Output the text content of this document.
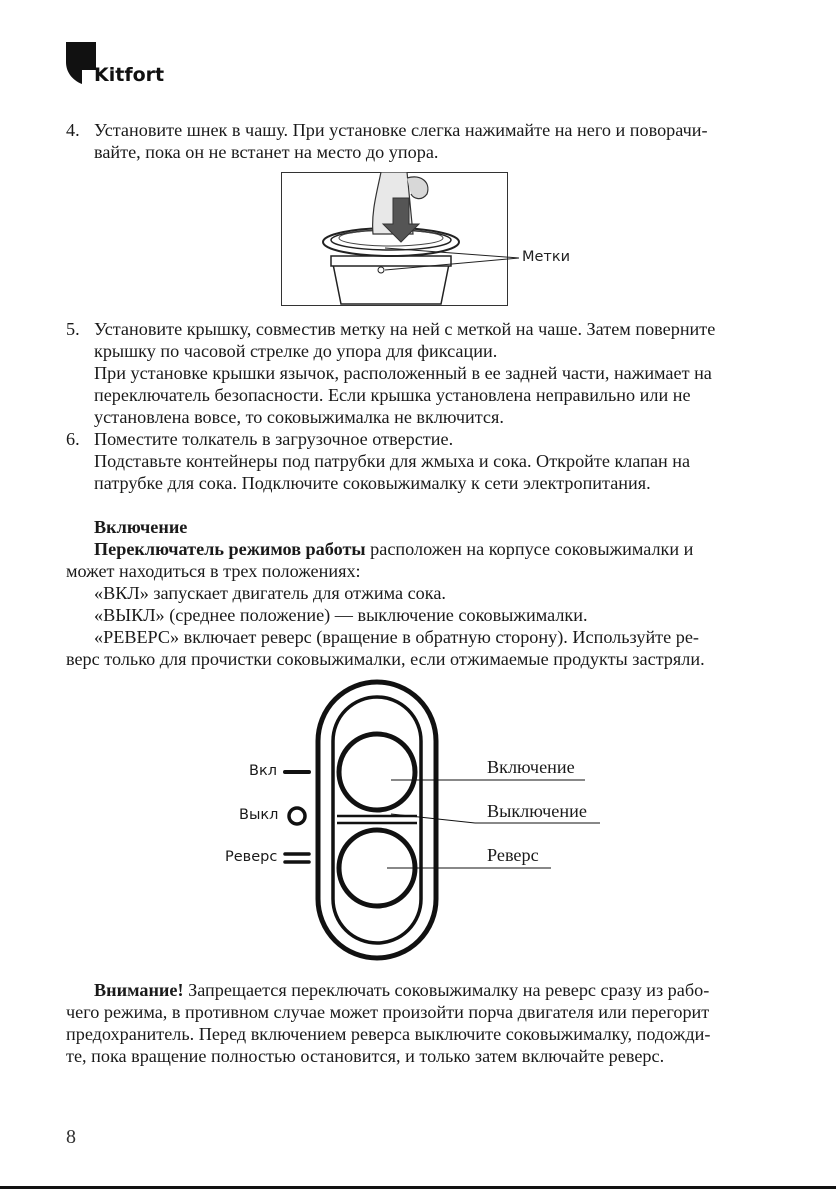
Kitfort
4. Установите шнек в чашу. При установке слегка нажимайте на него и поворачи-
вайте, пока он не встанет на место до упора.
Метки
5. Установите крышку, совместив метку на ней с меткой на чаше. Затем поверните
крышку по часовой стрелке до упора для фиксации.
При установке крышки язычок, расположенный в ее задней части, нажимает на
переключатель безопасности. Если крышка установлена неправильно или не
установлена вовсе, то соковыжималка не включится.
6. Поместите толкатель в загрузочное отверстие.
Подставьте контейнеры под патрубки для жмыха и сока. Откройте клапан на
патрубке для сока. Подключите соковыжималку к сети электропитания.
Включение
Переключатель режимов работы расположен на корпусе соковыжималки и
может находиться в трех положениях:
«ВКЛ» запускает двигатель для отжима сока.
«ВЫКЛ» (среднее положение) — выключение соковыжималки.
«РЕВЕРС» включает реверс (вращение в обратную сторону). Используйте ре-
верс только для прочистки соковыжималки, если отжимаемые продукты застряли.
Вкл
Выкл
Реверс
Включение
Выключение
Реверс
Внимание! Запрещается переключать соковыжималку на реверс сразу из рабо-
чего режима, в противном случае может произойти порча двигателя или перегорит
предохранитель. Перед включением реверса выключите соковыжималку, подожди-
те, пока вращение полностью остановится, и только затем включайте реверс.
8
